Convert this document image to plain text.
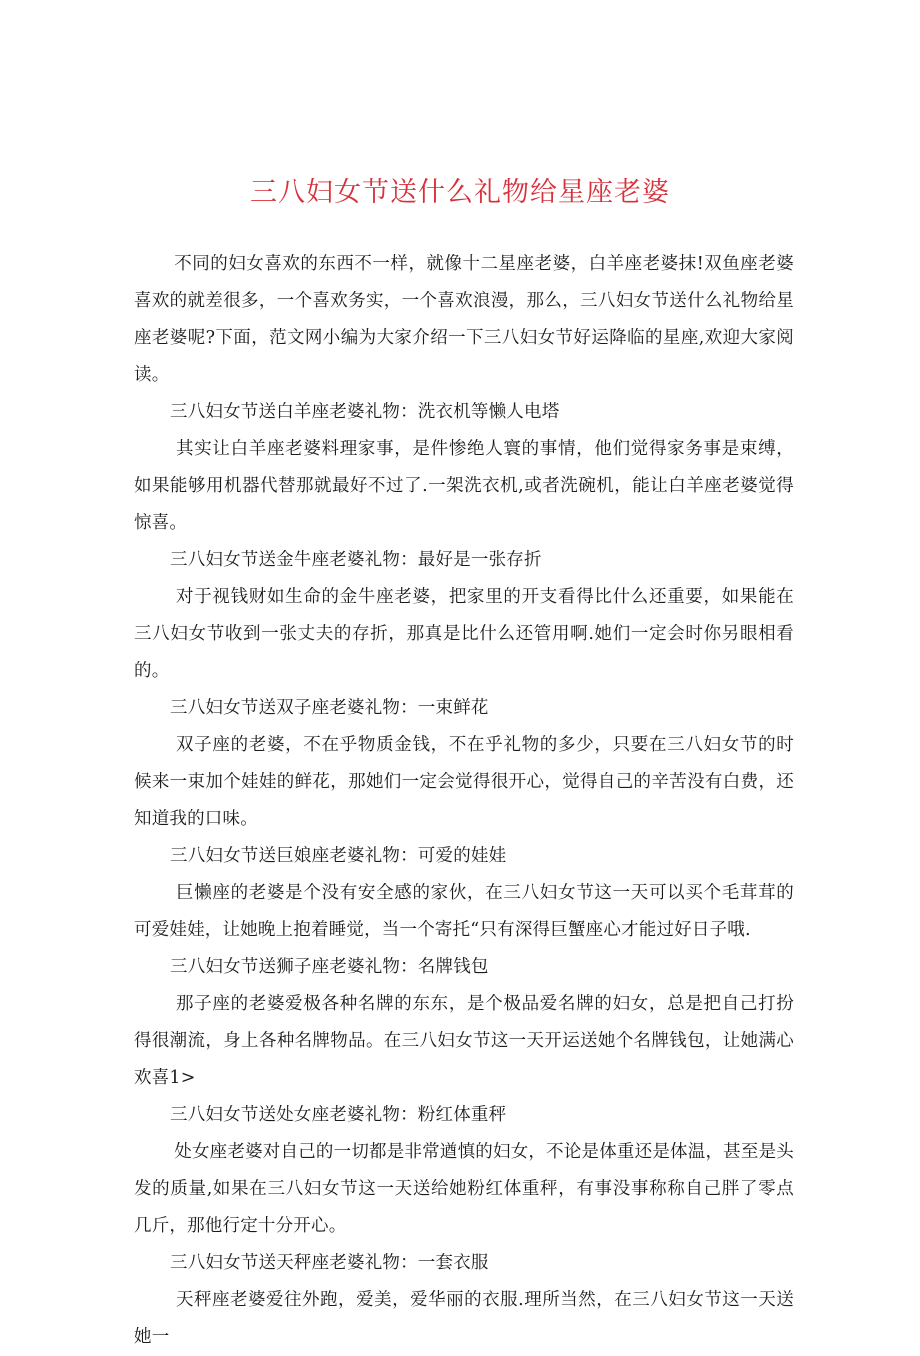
三八妇女节送什么礼物给星座老婆

不同的妇女喜欢的东西不一样，就像十二星座老婆，白羊座老婆抹!双鱼座老婆喜欢的就差很多，一个喜欢务实，一个喜欢浪漫，那么，三八妇女节送什么礼物给星座老婆呢?下面，范文网小编为大家介绍一下三八妇女节好运降临的星座,欢迎大家阅读。

三八妇女节送白羊座老婆礼物：洗衣机等懒人电塔

其实让白羊座老婆料理家事，是件惨绝人寰的事情，他们觉得家务事是束缚，如果能够用机器代替那就最好不过了.一架洗衣机,或者洗碗机，能让白羊座老婆觉得惊喜。

三八妇女节送金牛座老婆礼物：最好是一张存折

对于视钱财如生命的金牛座老婆，把家里的开支看得比什么还重要，如果能在三八妇女节收到一张丈夫的存折，那真是比什么还管用啊.她们一定会时你另眼相看的。

三八妇女节送双子座老婆礼物：一束鲜花

双子座的老婆，不在乎物质金钱，不在乎礼物的多少，只要在三八妇女节的时候来一束加个娃娃的鲜花，那她们一定会觉得很开心，觉得自己的辛苦没有白费，还知道我的口味。

三八妇女节送巨娘座老婆礼物：可爱的娃娃

巨懒座的老婆是个没有安全感的家伙，在三八妇女节这一天可以买个毛茸茸的可爱娃娃，让她晚上抱着睡觉，当一个寄托“只有深得巨蟹座心才能过好日子哦.

三八妇女节送狮子座老婆礼物：名牌钱包

那子座的老婆爱极各种名牌的东东，是个极品爱名牌的妇女，总是把自己打扮得很潮流，身上各种名牌物品。在三八妇女节这一天开运送她个名牌钱包，让她满心欢喜1>

三八妇女节送处女座老婆礼物：粉红体重秤

处女座老婆对自己的一切都是非常遒慎的妇女，不论是体重还是体温，甚至是头发的质量,如果在三八妇女节这一天送给她粉红体重秤，有事没事称称自己胖了零点几斤，那他行定十分开心。

三八妇女节送天秤座老婆礼物：一套衣服

天秤座老婆爱往外跑，爱美，爱华丽的衣服.理所当然，在三八妇女节这一天送她一
